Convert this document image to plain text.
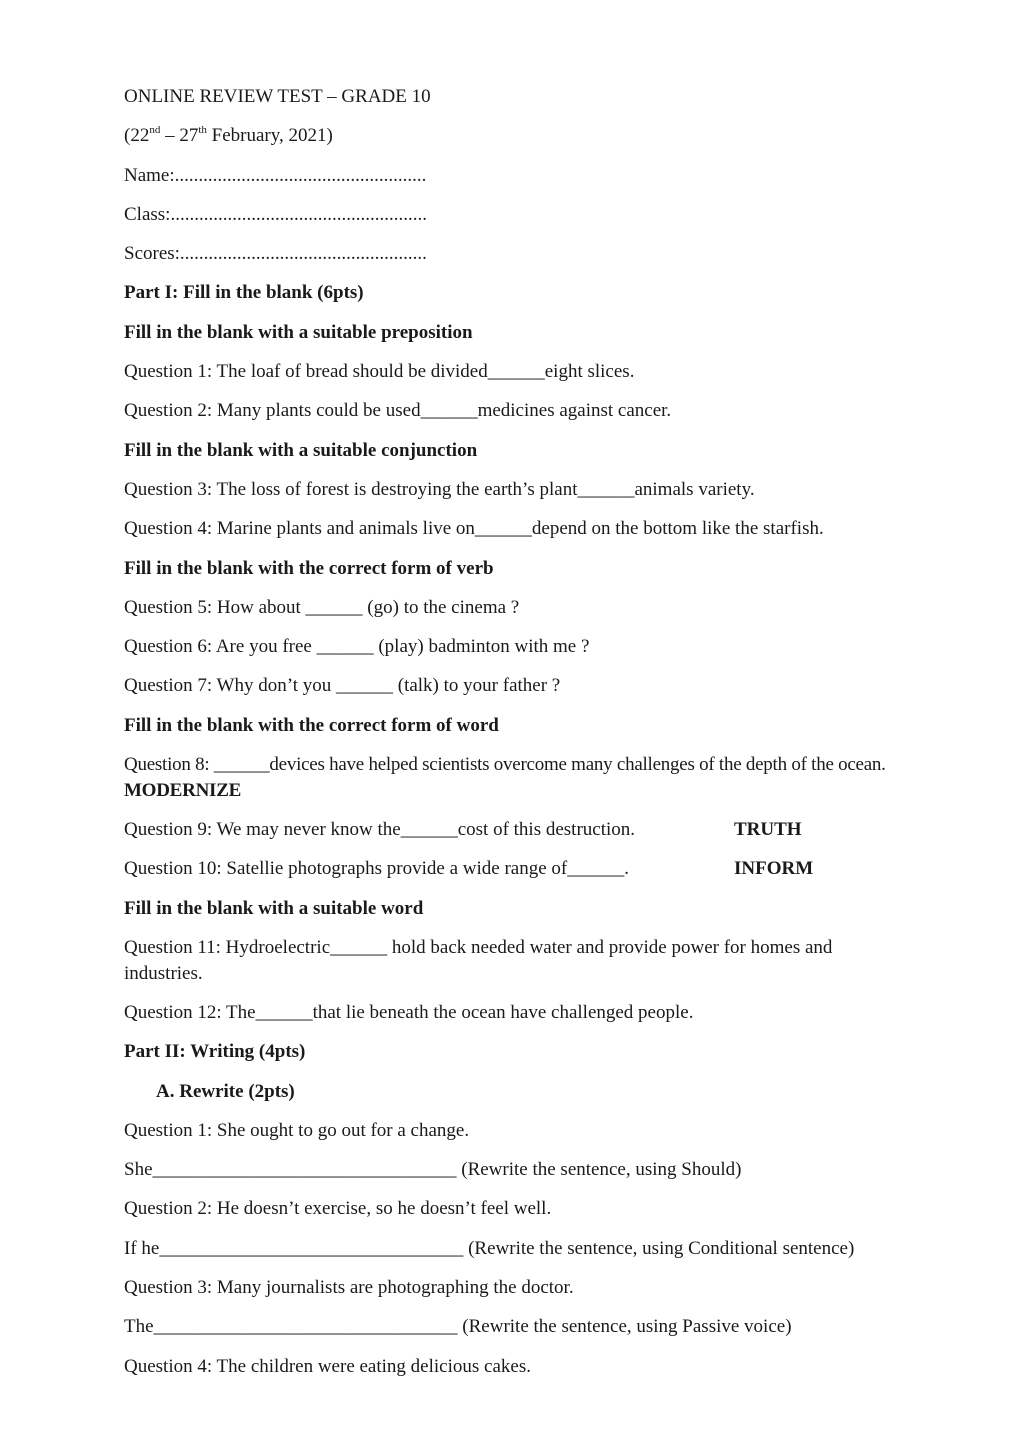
ONLINE REVIEW TEST – GRADE 10
(22nd – 27th February, 2021)
Name:.....................................................
Class:......................................................
Scores:....................................................
Part I: Fill in the blank (6pts)
Fill in the blank with a suitable preposition
Question 1: The loaf of bread should be divided______eight slices.
Question 2: Many plants could be used______medicines against cancer.
Fill in the blank with a suitable conjunction
Question 3: The loss of forest is destroying the earth’s plant______animals variety.
Question 4: Marine plants and animals live on______depend on the bottom like the starfish.
Fill in the blank with the correct form of verb
Question 5: How about ______ (go) to the cinema ?
Question 6: Are you free ______ (play) badminton with me ?
Question 7: Why don’t you ______ (talk) to your father ?
Fill in the blank with the correct form of word
Question 8: ______devices have helped scientists overcome many challenges of the depth of the ocean.
MODERNIZE
Question 9: We may never know the______cost of this destruction.	TRUTH
Question 10: Satellie photographs provide a wide range of______.	INFORM
Fill in the blank with a suitable word
Question 11: Hydroelectric______ hold back needed water and provide power for homes and industries.
Question 12: The______that lie beneath the ocean have challenged people.
Part II: Writing (4pts)
A. Rewrite (2pts)
Question 1: She ought to go out for a change.
She________________________________ (Rewrite the sentence, using Should)
Question 2: He doesn’t exercise, so he doesn’t feel well.
If he________________________________ (Rewrite the sentence, using Conditional sentence)
Question 3: Many journalists are photographing the doctor.
The________________________________ (Rewrite the sentence, using Passive voice)
Question 4: The children were eating delicious cakes.
